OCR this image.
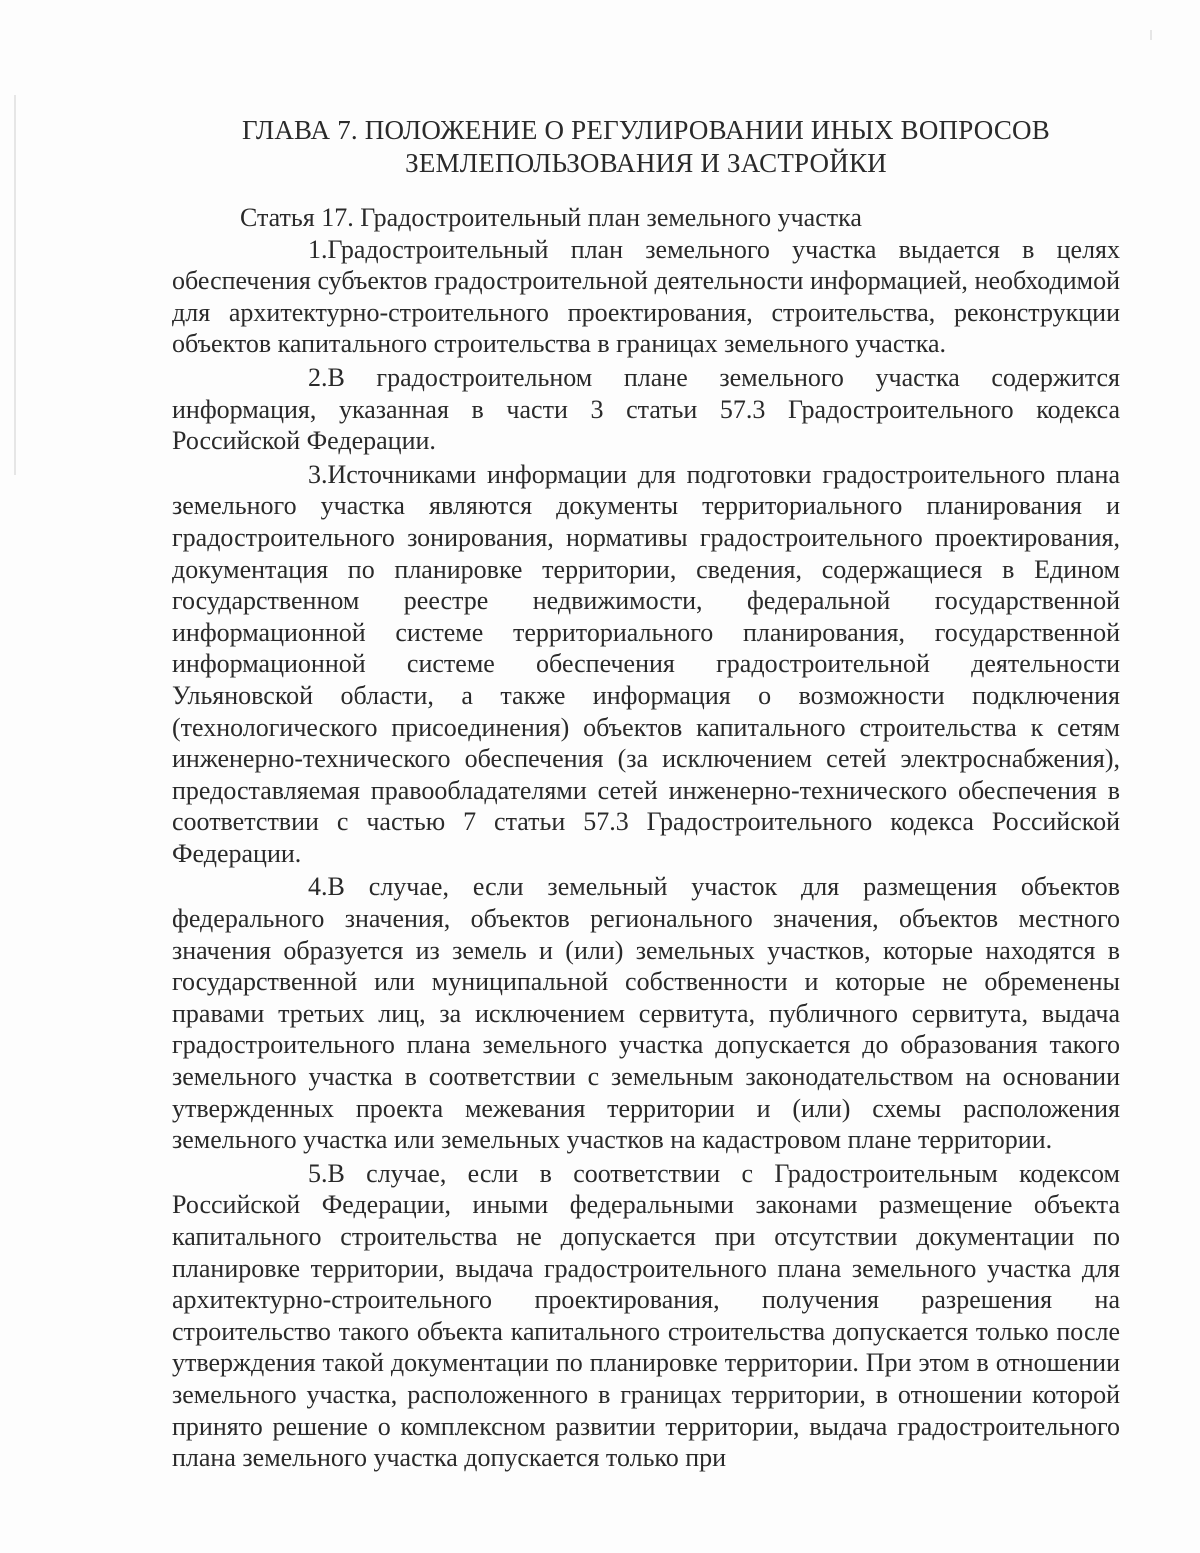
ГЛАВА 7. ПОЛОЖЕНИЕ О РЕГУЛИРОВАНИИ ИНЫХ ВОПРОСОВ
ЗЕМЛЕПОЛЬЗОВАНИЯ И ЗАСТРОЙКИ

Статья 17. Градостроительный план земельного участка

1.Градостроительный план земельного участка выдается в целях обеспечения субъектов градостроительной деятельности информацией, необходимой для архитектурно-строительного проектирования, строительства, реконструкции объектов капитального строительства в границах земельного участка.

2.В градостроительном плане земельного участка содержится информация, указанная в части 3 статьи 57.3 Градостроительного кодекса Российской Федерации.

3.Источниками информации для подготовки градостроительного плана земельного участка являются документы территориального планирования и градостроительного зонирования, нормативы градостроительного проектирования, документация по планировке территории, сведения, содержащиеся в Едином государственном реестре недвижимости, федеральной государственной информационной системе территориального планирования, государственной информационной системе обеспечения градостроительной деятельности Ульяновской области, а также информация о возможности подключения (технологического присоединения) объектов капитального строительства к сетям инженерно-технического обеспечения (за исключением сетей электроснабжения), предоставляемая правообладателями сетей инженерно-технического обеспечения в соответствии с частью 7 статьи 57.3 Градостроительного кодекса Российской Федерации.

4.В случае, если земельный участок для размещения объектов федерального значения, объектов регионального значения, объектов местного значения образуется из земель и (или) земельных участков, которые находятся в государственной или муниципальной собственности и которые не обременены правами третьих лиц, за исключением сервитута, публичного сервитута, выдача градостроительного плана земельного участка допускается до образования такого земельного участка в соответствии с земельным законодательством на основании утвержденных проекта межевания территории и (или) схемы расположения земельного участка или земельных участков на кадастровом плане территории.

5.В случае, если в соответствии с Градостроительным кодексом Российской Федерации, иными федеральными законами размещение объекта капитального строительства не допускается при отсутствии документации по планировке территории, выдача градостроительного плана земельного участка для архитектурно-строительного проектирования, получения разрешения на строительство такого объекта капитального строительства допускается только после утверждения такой документации по планировке территории. При этом в отношении земельного участка, расположенного в границах территории, в отношении которой принято решение о комплексном развитии территории, выдача градостроительного плана земельного участка допускается только при
